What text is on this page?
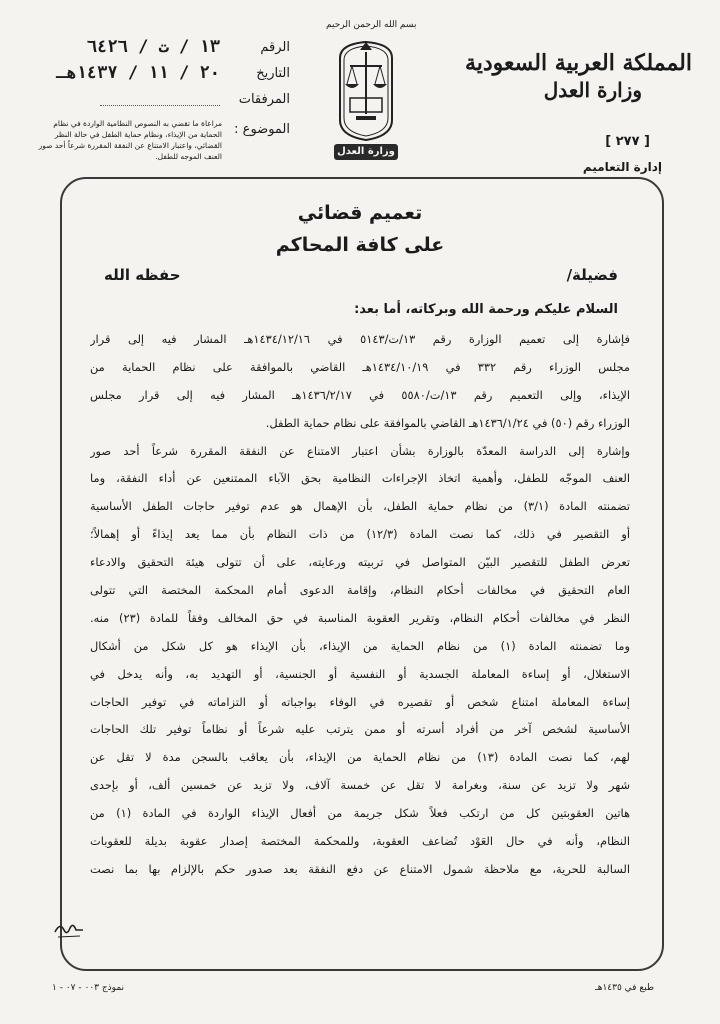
المملكة العربية السعودية
وزارة العدل
[ ٢٧٧ ]
إدارة التعاميم
بسم الله الرحمن الرحيم
وزارة العدل
الرقم
١٣ / ت / ٦٤٢٦
التاريخ
٢٠ / ١١ / ١٤٣٧هـ
المرفقات
الموضوع :
مراعاة ما تقضي به النصوص النظامية الواردة في نظام الحماية من الإيذاء، ونظام حماية الطفل في حالة النظر القضائي، واعتبار الامتناع عن النفقة المقررة شرعاً أحد صور العنف الموجه للطفل.
تعميم قضائي
على كافة المحاكم
فضيلة/
حفظه الله
السلام عليكم ورحمة الله وبركاته، أما بعد:
فإشارة إلى تعميم الوزارة رقم ١٣/ت/٥١٤٣ في ١٤٣٤/١٢/١٦هـ المشار فيه إلى قرار
مجلس الوزراء رقم ٣٣٢ في ١٤٣٤/١٠/١٩هـ القاضي بالموافقة على نظام الحماية من
الإيذاء، وإلى التعميم رقم ١٣/ت/٥٥٨٠ في ١٤٣٦/٢/١٧هـ المشار فيه إلى قرار مجلس
الوزراء رقم (٥٠) في ١٤٣٦/١/٢٤هـ القاضي بالموافقة على نظام حماية الطفل.
وإشارة إلى الدراسة المعدّة بالوزارة بشأن اعتبار الامتناع عن النفقة المقررة شرعاً أحد صور
العنف الموجّه للطفل، وأهمية اتخاذ الإجراءات النظامية بحق الآباء الممتنعين عن أداء النفقة، وما
تضمنته المادة (٣/١) من نظام حماية الطفل، بأن الإهمال هو عدم توفير حاجات الطفل الأساسية
أو التقصير في ذلك، كما نصت المادة (١٢/٣) من ذات النظام بأن مما يعد إيذاءً أو إهمالاً؛
تعرض الطفل للتقصير البيّن المتواصل في تربيته ورعايته، على أن تتولى هيئة التحقيق والادعاء
العام التحقيق في مخالفات أحكام النظام، وإقامة الدعوى أمام المحكمة المختصة التي تتولى
النظر في مخالفات أحكام النظام، وتقرير العقوبة المناسبة في حق المخالف وفقاً للمادة (٢٣) منه.
وما تضمنته المادة (١) من نظام الحماية من الإيذاء، بأن الإيذاء هو كل شكل من أشكال
الاستغلال، أو إساءة المعاملة الجسدية أو النفسية أو الجنسية، أو التهديد به، وأنه يدخل في
إساءة المعاملة امتناع شخص أو تقصيره في الوفاء بواجباته أو التزاماته في توفير الحاجات
الأساسية لشخص آخر من أفراد أسرته أو ممن يترتب عليه شرعاً أو نظاماً توفير تلك الحاجات
لهم، كما نصت المادة (١٣) من نظام الحماية من الإيذاء، بأن يعاقب بالسجن مدة لا تقل عن
شهر ولا تزيد عن سنة، وبغرامة لا تقل عن خمسة آلاف، ولا تزيد عن خمسين ألف، أو بإحدى
هاتين العقوبتين كل من ارتكب فعلاً شكل جريمة من أفعال الإيذاء الواردة في المادة (١) من
النظام، وأنه في حال العَوْد تُضاعف العقوبة، وللمحكمة المختصة إصدار عقوبة بديلة للعقوبات
السالبة للحرية، مع ملاحظة شمول الامتناع عن دفع النفقة بعد صدور حكم بالإلزام بها بما نصت
طبع في ١٤٣٥هـ
نموذج ٠٠٣ - ٠٧ - ١
